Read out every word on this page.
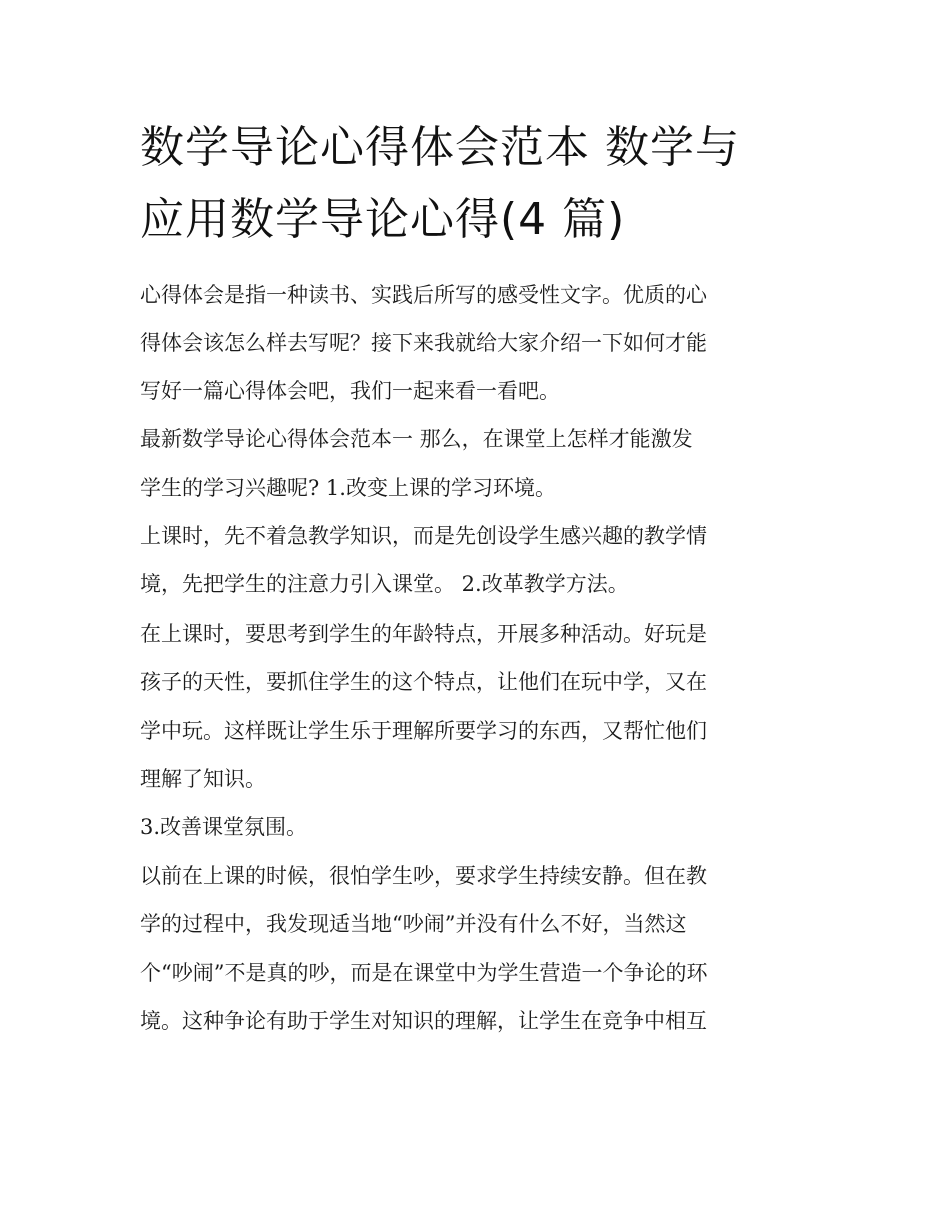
数学导论心得体会范本 数学与
应用数学导论心得(4 篇)

心得体会是指一种读书、实践后所写的感受性文字。优质的心

得体会该怎么样去写呢？接下来我就给大家介绍一下如何才能

写好一篇心得体会吧，我们一起来看一看吧。

最新数学导论心得体会范本一 那么，在课堂上怎样才能激发

学生的学习兴趣呢? 1.改变上课的学习环境。

上课时，先不着急教学知识，而是先创设学生感兴趣的教学情

境，先把学生的注意力引入课堂。 2.改革教学方法。

在上课时，要思考到学生的年龄特点，开展多种活动。好玩是

孩子的天性，要抓住学生的这个特点，让他们在玩中学，又在

学中玩。这样既让学生乐于理解所要学习的东西，又帮忙他们

理解了知识。

3.改善课堂氛围。

以前在上课的时候，很怕学生吵，要求学生持续安静。但在教

学的过程中，我发现适当地“吵闹”并没有什么不好，当然这

个“吵闹”不是真的吵，而是在课堂中为学生营造一个争论的环

境。这种争论有助于学生对知识的理解，让学生在竞争中相互
